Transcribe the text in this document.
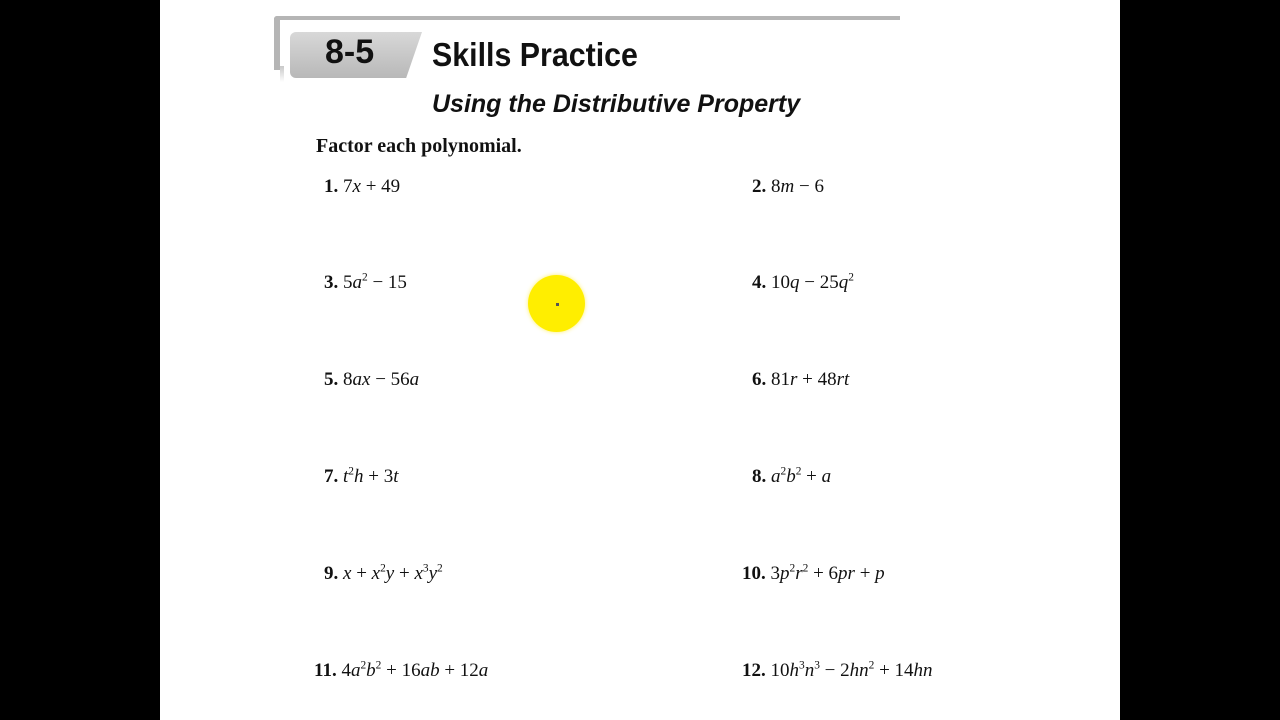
8-5 Skills Practice
Using the Distributive Property
Factor each polynomial.
1. 7x + 49	2. 8m − 6
3. $5a^2 - 15$	4. $10q - 25q^2$
5. 8ax − 56a	6. 81r + 48rt
7. $t^2h + 3t$	8. $a^2b^2 + a$
9. $x + x^2y + x^3y^2$	10. $3p^2r^2 + 6pr + p$
11. $4a^2b^2 + 16ab + 12a$	12. $10h^3n^3 - 2hn^2 + 14hn$
